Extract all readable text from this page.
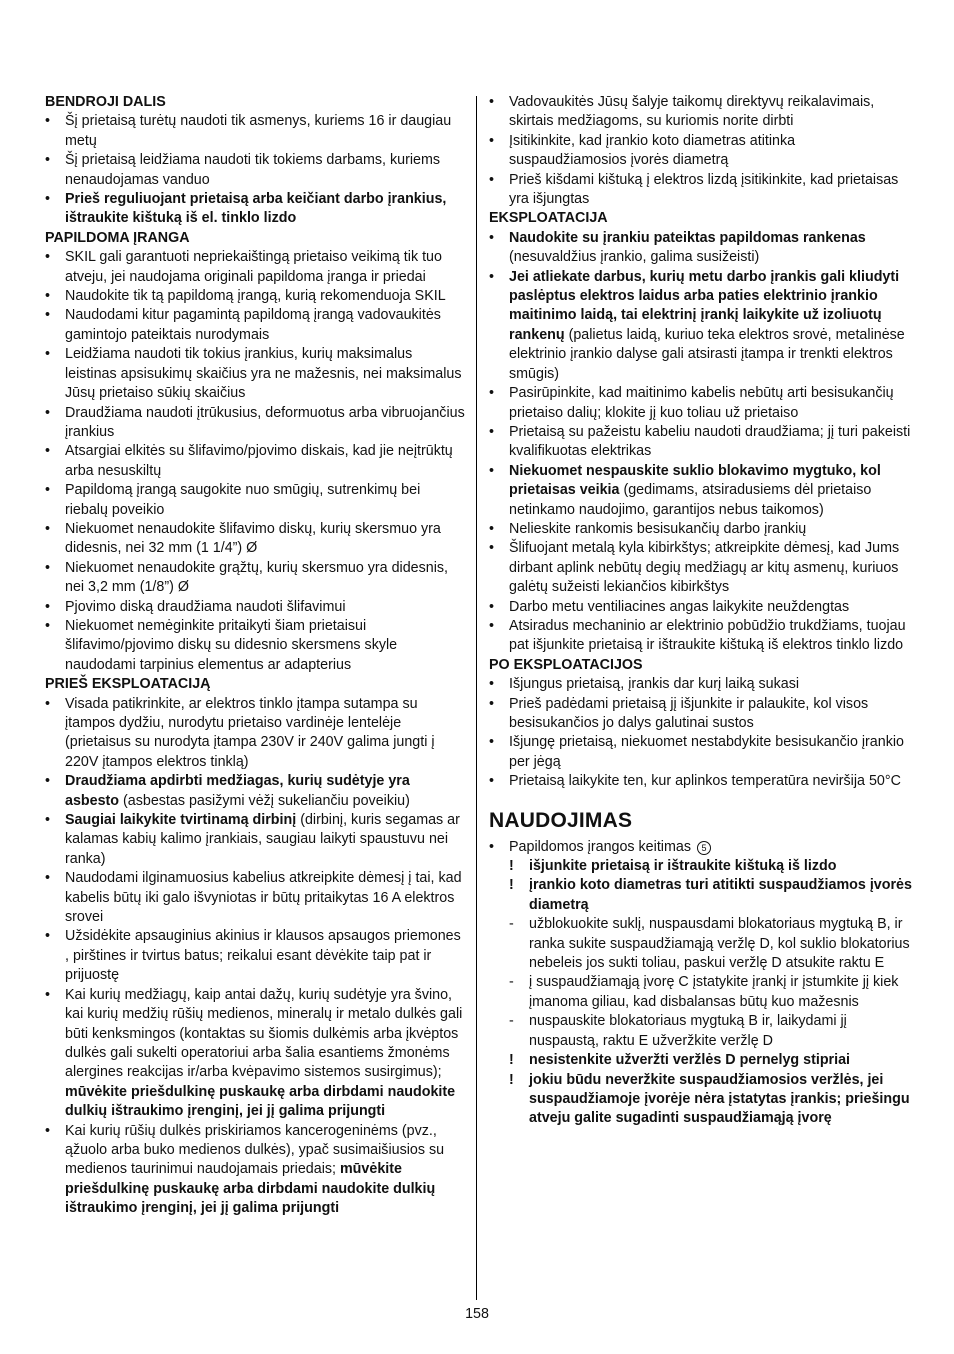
BENDROJI DALIS
• Šį prietaisą turėtų naudoti tik asmenys, kuriems 16 ir daugiau metų
• Šį prietaisą leidžiama naudoti tik tokiems darbams, kuriems nenaudojamas vanduo
• Prieš reguliuojant prietaisą arba keičiant darbo įrankius, ištraukite kištuką iš el. tinklo lizdo
PAPILDOMA ĮRANGA
• SKIL gali garantuoti nepriekaištingą prietaiso veikimą tik tuo atveju, jei naudojama originali papildoma įranga ir priedai
• Naudokite tik tą papildomą įrangą, kurią rekomenduoja SKIL
• Naudodami kitur pagamintą papildomą įrangą vadovaukitės gamintojo pateiktais nurodymais
• Leidžiama naudoti tik tokius įrankius, kurių maksimalus leistinas apsisukimų skaičius yra ne mažesnis, nei maksimalus Jūsų prietaiso sūkių skaičius
• Draudžiama naudoti įtrūkusius, deformuotus arba vibruojančius įrankius
• Atsargiai elkitės su šlifavimo/pjovimo diskais, kad jie neįtrūktų arba nesuskiltų
• Papildomą įrangą saugokite nuo smūgių, sutrenkimų bei riebalų poveikio
• Niekuomet nenaudokite šlifavimo diskų, kurių skersmuo yra didesnis, nei 32 mm (1 1/4”) Ø
• Niekuomet nenaudokite grąžtų, kurių skersmuo yra didesnis, nei 3,2 mm (1/8”) Ø
• Pjovimo diską draudžiama naudoti šlifavimui
• Niekuomet nemėginkite pritaikyti šiam prietaisui šlifavimo/pjovimo diskų su didesnio skersmens skyle naudodami tarpinius elementus ar adapterius
PRIEŠ EKSPLOATACIJĄ
• Visada patikrinkite, ar elektros tinklo įtampa sutampa su įtampos dydžiu, nurodytu prietaiso vardinėje lentelėje (prietaisus su nurodyta įtampa 230V ir 240V galima jungti į 220V įtampos elektros tinklą)
• Draudžiama apdirbti medžiagas, kurių sudėtyje yra asbesto (asbestas pasižymi vėžį sukeliančiu poveikiu)
• Saugiai laikykite tvirtinamą dirbinį (dirbinį, kuris segamas ar kalamas kabių kalimo įrankiais, saugiau laikyti spaustuvu nei ranka)
• Naudodami ilginamuosius kabelius atkreipkite dėmesį į tai, kad kabelis būtų iki galo išvyniotas ir būtų pritaikytas 16 A elektros srovei
• Užsidėkite apsauginius akinius ir klausos apsaugos priemones , pirštines ir tvirtus batus; reikalui esant dėvėkite taip pat ir prijuostę
• Kai kurių medžiagų, kaip antai dažų, kurių sudėtyje yra švino, kai kurių medžių rūšių medienos, mineralų ir metalo dulkės gali būti kenksmingos (kontaktas su šiomis dulkėmis arba įkvėptos dulkės gali sukelti operatoriui arba šalia esantiems žmonėms alergines reakcijas ir/arba kvėpavimo sistemos susirgimus); mūvėkite priešdulkinę puskaukę arba dirbdami naudokite dulkių ištraukimo įrenginį, jei jį galima prijungti
• Kai kurių rūšių dulkės priskiriamos kancerogeninėms (pvz., ąžuolo arba buko medienos dulkės), ypač susimaišiusios su medienos taurinimui naudojamais priedais; mūvėkite priešdulkinę puskaukę arba dirbdami naudokite dulkių ištraukimo įrenginį, jei jį galima prijungti
• Vadovaukitės Jūsų šalyje taikomų direktyvų reikalavimais, skirtais medžiagoms, su kuriomis norite dirbti
• Įsitikinkite, kad įrankio koto diametras atitinka suspaudžiamosios įvorės diametrą
• Prieš kišdami kištuką į elektros lizdą įsitikinkite, kad prietaisas yra išjungtas
EKSPLOATACIJA
• Naudokite su įrankiu pateiktas papildomas rankenas (nesuvaldžius įrankio, galima susižeisti)
• Jei atliekate darbus, kurių metu darbo įrankis gali kliudyti paslėptus elektros laidus arba paties elektrinio įrankio maitinimo laidą, tai elektrinį įrankį laikykite už izoliuotų rankenų (palietus laidą, kuriuo teka elektros srovė, metalinėse elektrinio įrankio dalyse gali atsirasti įtampa ir trenkti elektros smūgis)
• Pasirūpinkite, kad maitinimo kabelis nebūtų arti besisukančių prietaiso dalių; klokite jį kuo toliau už prietaiso
• Prietaisą su pažeistu kabeliu naudoti draudžiama; jį turi pakeisti kvalifikuotas elektrikas
• Niekuomet nespauskite suklio blokavimo mygtuko, kol prietaisas veikia (gedimams, atsiradusiems dėl prietaiso netinkamo naudojimo, garantijos nebus taikomos)
• Nelieskite rankomis besisukančių darbo įrankių
• Šlifuojant metalą kyla kibirkštys; atkreipkite dėmesį, kad Jums dirbant aplink nebūtų degių medžiagų ar kitų asmenų, kuriuos galėtų sužeisti lekiančios kibirkštys
• Darbo metu ventiliacines angas laikykite neuždengtas
• Atsiradus mechaninio ar elektrinio pobūdžio trukdžiams, tuojau pat išjunkite prietaisą ir ištraukite kištuką iš elektros tinklo lizdo
PO EKSPLOATACIJOS
• Išjungus prietaisą, įrankis dar kurį laiką sukasi
• Prieš padėdami prietaisą jį išjunkite ir palaukite, kol visos besisukančios jo dalys galutinai sustos
• Išjungę prietaisą, niekuomet nestabdykite besisukančio įrankio per jėgą
• Prietaisą laikykite ten, kur aplinkos temperatūra neviršija 50°C
NAUDOJIMAS
• Papildomos įrangos keitimas 5
! išjunkite prietaisą ir ištraukite kištuką iš lizdo
! įrankio koto diametras turi atitikti suspaudžiamos įvorės diametrą
- užblokuokite suklį, nuspausdami blokatoriaus mygtuką B, ir ranka sukite suspaudžiamąją veržlę D, kol suklio blokatorius nebeleis jos sukti toliau, paskui veržlę D atsukite raktu E
- į suspaudžiamąją įvorę C įstatykite įrankį ir įstumkite jį kiek įmanoma giliau, kad disbalansas būtų kuo mažesnis
- nuspauskite blokatoriaus mygtuką B ir, laikydami jį nuspaustą, raktu E užveržkite veržlę D
! nesistenkite užveržti veržlės D pernelyg stipriai
! jokiu būdu neveržkite suspaudžiamosios veržlės, jei suspaudžiamoje įvorėje nėra įstatytas įrankis; priešingu atveju galite sugadinti suspaudžiamąją įvorę
158
